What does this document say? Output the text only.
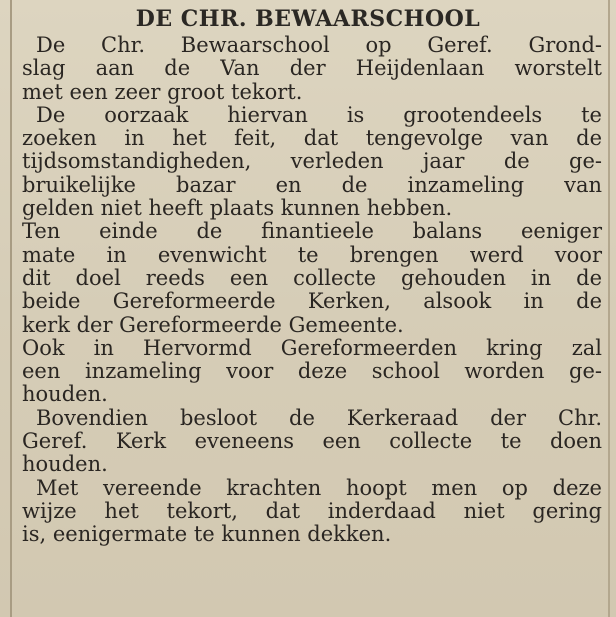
DE CHR. BEWAARSCHOOL
De Chr. Bewaarschool op Geref. Grond-
slag aan de Van der Heijdenlaan worstelt
met een zeer groot tekort.
De oorzaak hiervan is grootendeels te
zoeken in het feit, dat tengevolge van de
tijdsomstandigheden, verleden jaar de ge-
bruikelijke bazar en de inzameling van
gelden niet heeft plaats kunnen hebben.
Ten einde de finantieele balans eeniger
mate in evenwicht te brengen werd voor
dit doel reeds een collecte gehouden in de
beide Gereformeerde Kerken, alsook in de
kerk der Gereformeerde Gemeente.
Ook in Hervormd Gereformeerden kring zal
een inzameling voor deze school worden ge-
houden.
Bovendien besloot de Kerkeraad der Chr.
Geref. Kerk eveneens een collecte te doen
houden.
Met vereende krachten hoopt men op deze
wijze het tekort, dat inderdaad niet gering
is, eenigermate te kunnen dekken.
